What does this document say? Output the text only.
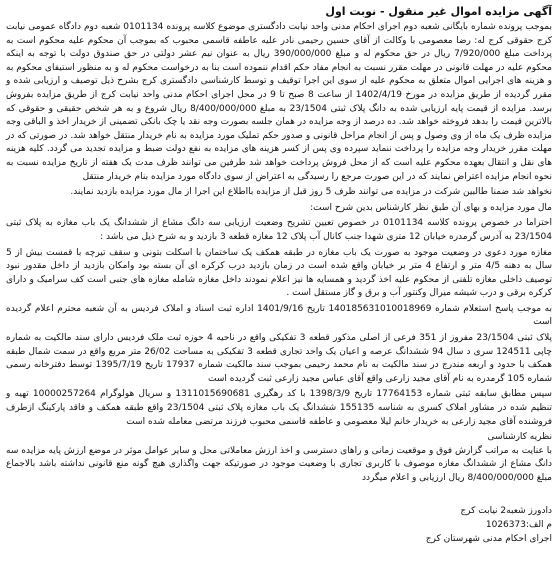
آگهی مزایده اموال غیر منقول - نوبت اول

بموجب پرونده شماره بایگانی شعبه دوم اجرای احکام مدنی واحد نیابت دادگستری موضوع کلاسه پرونده 0101134 شعبه دوم دادگاه عمومی نیابت کرج حقوقی کرج له: رضا معصومی با وکالت از آقای حسین رحیمی نادر علیه عاطفه قاسمی محبوب که بموجب آن محکوم علیه محکوم است به پرداخت مبلغ 7/920/000 ریال در حق محکوم له و مبلغ 390/000/000 ریال به عنوان نیم عشر دولتی در حق صندوق دولت با توجه به اینکه محکوم علیه در مهلت قانونی در مهلت مقرر نسبت به انجام مفاد حکم اقدام ننموده است بنا به درخواست محکوم له و به منظور استیفای محکوم به و هزینه های اجرایی اموال متعلق به محکوم علیه از سوی این اجرا توقیف و توسط کارشناسی دادگستری کرج بشرح ذیل توصیف و ارزیابی شده و مقرر گردیده از طریق مزایده در مورخ 1402/4/19 از ساعت 8 صبح تا 9 در محل اجرای احکام مدنی واحد نیابت کرج از طریق مزایده بفروش برسد. مزایده از قیمت پایه ارزیابی شده به دانگ پلاک ثبتی 23/1504 به مبلغ 8/400/000/000 ریال شروع و به هر شخص حقیقی و حقوقی که بالاترین قیمت را بدهد فروخته خواهد شد. ده درصد از وجه مزایده در همان جلسه بصورت وجه نقد یا چک بانکی تضمینی از خریدار اخذ و الباقی وجه مزایده ظرف یک ماه از وی وصول و پس از انجام مراحل قانونی و صدور حکم تملیک مورد مزایده به نام خریدار منتقل خواهد شد. در صورتی که در مهلت مقرر خریدار وجه مزایده را پرداخت ننماید سپرده وی پس از کسر هزینه های مزایده به نفع دولت ضبط و مزایده تجدید می گردد. کلیه هزینه های نقل و انتقال بعهده محکوم علیه است که از محل فروش پرداخت خواهد شد طرفین می توانند ظرف مدت یک هفته از تاریخ مزایده نسبت به نحوه انجام مزایده اعتراض نمایند که در این صورت مرجع را رسیدگی به اعتراض از سوی دادگاه مورد مزایده بنام خریدار منتقل

نخواهد شد ضمنا طالبین شرکت در مزایده می توانند ظرف 5 روز قبل از مزایده بااطلاع این اجرا از مال مورد مزایده بازدید نمایند.

مال مورد مزایده و بهای آن طبق نظر کارشناس بدین شرح است:

احتراما در خصوص پرونده کلاسه 0101134 در خصوص تعیین تشریح وضعیت ارزیابی سه دانگ مشاع از ششدانگ یک باب مغازه به پلاک ثبتی 23/1504 به آدرس گرمدره خیابان 12 متری شهدا جنب کانال آب پلاک 12 مغازه قطعه 3 بازدید و به شرح ذیل می باشد :

مغازه مورد دعوی در وضعیت موجود به صورت یک باب مغازه در طبقه همکف یک ساختمان با اسکلت بتونی و سقف تیرچه با قمست بیش از 5 سال به دهنه 4/5 متر و ارتفاع 4 متر بر خیابان واقع شده است در زمان بازدید درب کرکره ای آن بسته بود وامکان بازدید از داخل مقدور نبود توصیف داخلی مغازه تلفنی از محکوم علیه اخذ گردید و همسایه ها نیز اعلام نمودند داخل مغازه شامله مغازه های جنبی است کف سرامیک و دارای کرکره برقی و درب شیشه میرال وکنتور آب و برق و گاز مستقل است .

به موجب پاسخ استعلام شماره 140185631010018969 تاریخ 1401/9/16 اداره ثبت اسناد و املاک فردیس به آن شعبه محترم اعلام گردیده است

پلاک ثبتی 23/1504 مفروز از 351 فرعی از اصلی مذکور قطعه 3 تفکیکی واقع در ناحیه 4 حوزه ثبت ملک فردیس دارای سند مالکیت به شماره چاپی 124511 سری د سال 94 ششدانگ عرصه و اعیان یک واحد تجاری قطعه 3 تفکیکی به مساحت 26/02 متر مربع واقع در سمت شمال طبقه همکف با حدود و اربعه مندرج در سند مالکیت به نام محمد رحیمی بموجب سند مالکیت شماره 17937 تاریخ 1395/7/19 توسط دفترخانه رسمی شماره 105 گرمدره به نام آقای مجید زارعی واقع آقای عباس مجید زارعی ثبت گردیده است

سپس مطابق سابقه ثبتی شماره 17764153 تاریخ 1398/3/9 با کد رهگیری 1311015690681 و سریال هولوگرام 10000257264 تهیه و تنظیم شده در مشاور املاک کسری به شناسه 155135 ششدانگ یک باب مغازه پلاک ثبتی 23/1504 واقع طبقه همکف و فاقد پارکینگ ازطرف فروشنده آقای مجید زارعی به خریدار خانم لیلا معصومی و عاطفه قاسمی محبوب فرزند مرتضی معامله شده است

نظریه کارشناسی

با عنایت به مراتب گزارش فوق و موقعیت زمانی و راهای دسترسی و اخذ ارزش معاملاتی محل و سایر عوامل موثر در موضع ارزش پایه مزایده سه دانگ مشاع از ششدانگ مغازه موصوف با کاربری تجاری با وضعیت موجود در صورتیکه جهت واگذاری هیچ گونه منع قانونی نداشته باشد بالاجماع مبلغ 8/400/000/000 ریال ارزیابی و اعلام میگردد

دادورز شعبه2 نیابت کرج
م الف:1026373
اجرای احکام مدنی شهرستان کرج
